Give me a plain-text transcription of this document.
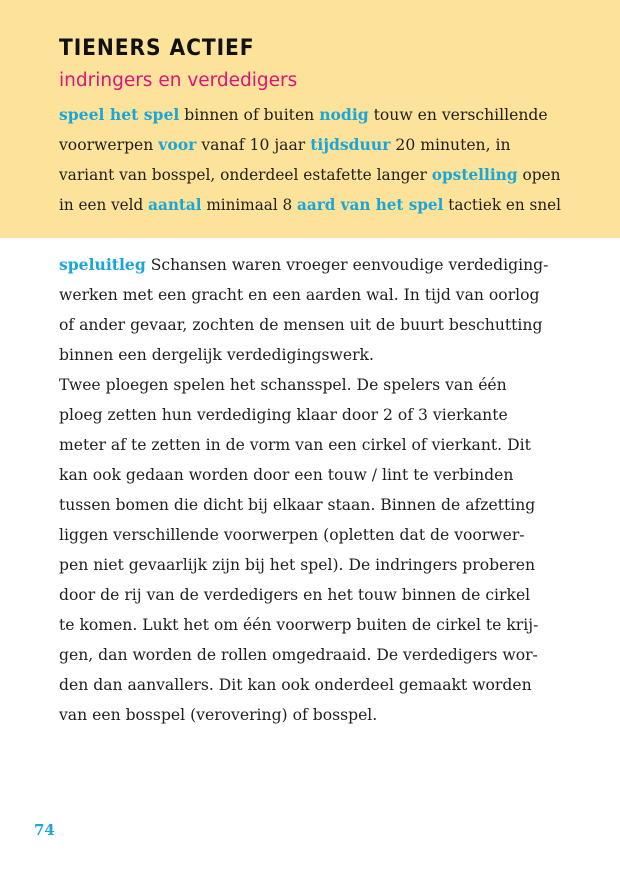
TIENERS ACTIEF
indringers en verdedigers
speel het spel binnen of buiten nodig touw en verschillende
voorwerpen voor vanaf 10 jaar tijdsduur 20 minuten, in
variant van bosspel, onderdeel estafette langer opstelling open
in een veld aantal minimaal 8 aard van het spel tactiek en snel
speluitleg Schansen waren vroeger eenvoudige verdediging-
werken met een gracht en een aarden wal. In tijd van oorlog
of ander gevaar, zochten de mensen uit de buurt beschutting
binnen een dergelijk verdedigingswerk.
Twee ploegen spelen het schansspel. De spelers van één
ploeg zetten hun verdediging klaar door 2 of 3 vierkante
meter af te zetten in de vorm van een cirkel of vierkant. Dit
kan ook gedaan worden door een touw / lint te verbinden
tussen bomen die dicht bij elkaar staan. Binnen de afzetting
liggen verschillende voorwerpen (opletten dat de voorwer-
pen niet gevaarlijk zijn bij het spel). De indringers proberen
door de rij van de verdedigers en het touw binnen de cirkel
te komen. Lukt het om één voorwerp buiten de cirkel te krij-
gen, dan worden de rollen omgedraaid. De verdedigers wor-
den dan aanvallers. Dit kan ook onderdeel gemaakt worden
van een bosspel (verovering) of bosspel.
74
